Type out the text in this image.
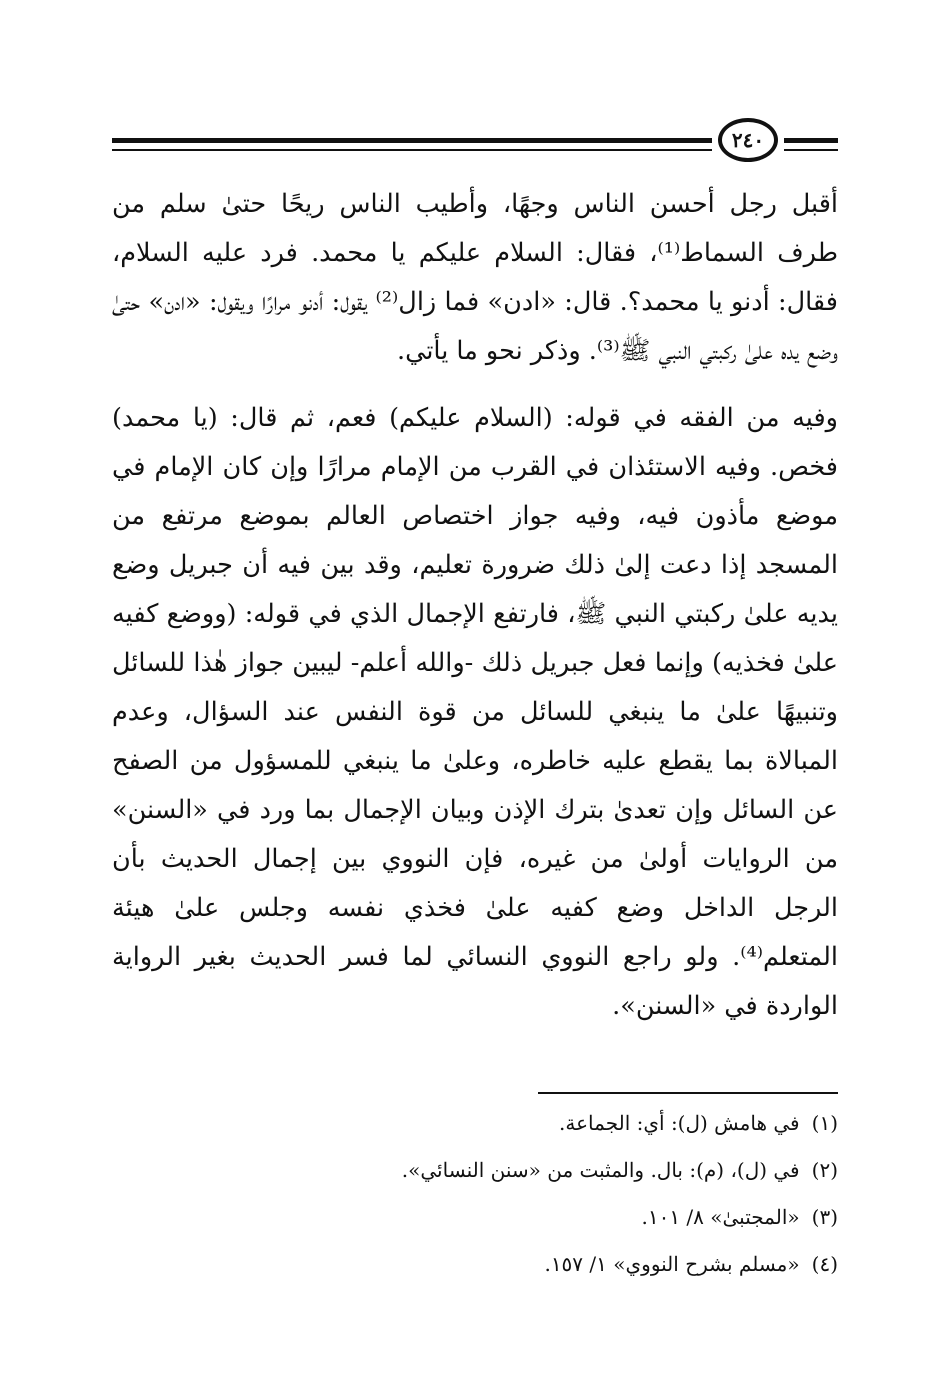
٢٤٠

أقبل رجل أحسن الناس وجهًا، وأطيب الناس ريحًا حتىٰ سلم من طرف السماط⁽¹⁾، فقال: السلام عليكم يا محمد. فرد عليه السلام، فقال: أدنو يا محمد؟. قال: «ادن» فما زال⁽²⁾ يقول: أدنو مرارًا ويقول: «ادن» حتىٰ وضع يده علىٰ ركبتي النبي ﷺ⁽³⁾. وذكر نحو ما يأتي.

وفيه من الفقه في قوله: (السلام عليكم) فعم، ثم قال: (يا محمد) فخص. وفيه الاستئذان في القرب من الإمام مرارًا وإن كان الإمام في موضع مأذون فيه، وفيه جواز اختصاص العالم بموضع مرتفع من المسجد إذا دعت إلىٰ ذلك ضرورة تعليم، وقد بين فيه أن جبريل وضع يديه علىٰ ركبتي النبي ﷺ، فارتفع الإجمال الذي في قوله: (ووضع كفيه علىٰ فخذيه) وإنما فعل جبريل ذلك -والله أعلم- ليبين جواز هٰذا للسائل وتنبيهًا علىٰ ما ينبغي للسائل من قوة النفس عند السؤال، وعدم المبالاة بما يقطع عليه خاطره، وعلىٰ ما ينبغي للمسؤول من الصفح عن السائل وإن تعدىٰ بترك الإذن وبيان الإجمال بما ورد في «السنن» من الروايات أولىٰ من غيره، فإن النووي بين إجمال الحديث بأن الرجل الداخل وضع كفيه علىٰ فخذي نفسه وجلس علىٰ هيئة المتعلم⁽⁴⁾. ولو راجع النووي النسائي لما فسر الحديث بغير الرواية الواردة في «السنن».

(١)في هامش (ل): أي: الجماعة.
(٢)في (ل)، (م): بال. والمثبت من «سنن النسائي».
(٣)«المجتبىٰ» ٨/ ١٠١.
(٤)«مسلم بشرح النووي» ١/ ١٥٧.
